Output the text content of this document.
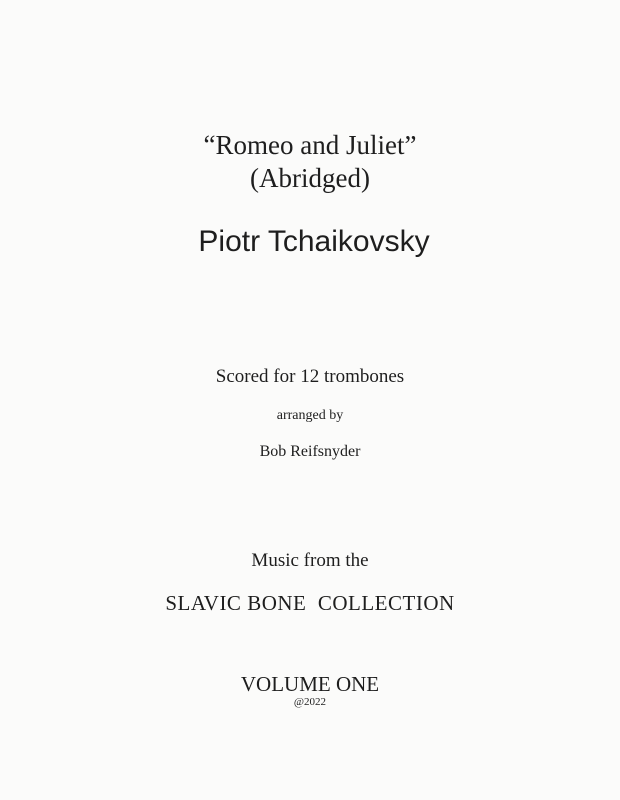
“Romeo and Juliet”
(Abridged)
Piotr Tchaikovsky
Scored for 12 trombones
arranged by
Bob Reifsnyder
Music from the
SLAVIC BONE  COLLECTION
VOLUME ONE
@2022
